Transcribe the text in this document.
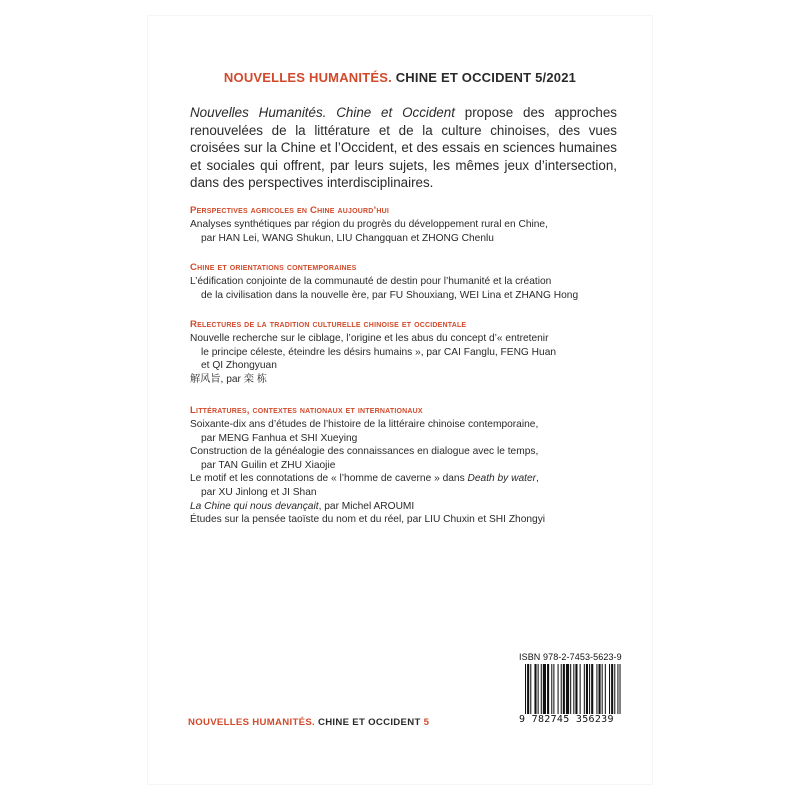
NOUVELLES HUMANITÉS. CHINE ET OCCIDENT 5/2021
Nouvelles Humanités. Chine et Occident propose des approches renouvelées de la littérature et de la culture chinoises, des vues croisées sur la Chine et l’Occident, et des essais en sciences humaines et sociales qui offrent, par leurs sujets, les mêmes jeux d’intersection, dans des perspectives interdisciplinaires.
Perspectives agricoles en Chine aujourd’hui
Analyses synthétiques par région du progrès du développement rural en Chine,
par HAN Lei, WANG Shukun, LIU Changquan et ZHONG Chenlu
Chine et orientations contemporaines
L’édification conjointe de la communauté de destin pour l’humanité et la création
de la civilisation dans la nouvelle ère, par FU Shouxiang, WEI Lina et ZHANG Hong
Relectures de la tradition culturelle chinoise et occidentale
Nouvelle recherche sur le ciblage, l’origine et les abus du concept d’« entretenir
le principe céleste, éteindre les désirs humains », par CAI Fanglu, FENG Huan
et QI Zhongyuan
解风旨, par 栾 栋
Littératures, contextes nationaux et internationaux
Soixante-dix ans d’études de l’histoire de la littéraire chinoise contemporaine,
par MENG Fanhua et SHI Xueying
Construction de la généalogie des connaissances en dialogue avec le temps,
par TAN Guilin et ZHU Xiaojie
Le motif et les connotations de « l’homme de caverne » dans Death by water,
par XU Jinlong et JI Shan
La Chine qui nous devançait, par Michel AROUMI
Études sur la pensée taoïste du nom et du réel, par LIU Chuxin et SHI Zhongyi
ISBN 978-2-7453-5623-9
9 782745 356239
NOUVELLES HUMANITÉS. CHINE ET OCCIDENT 5
